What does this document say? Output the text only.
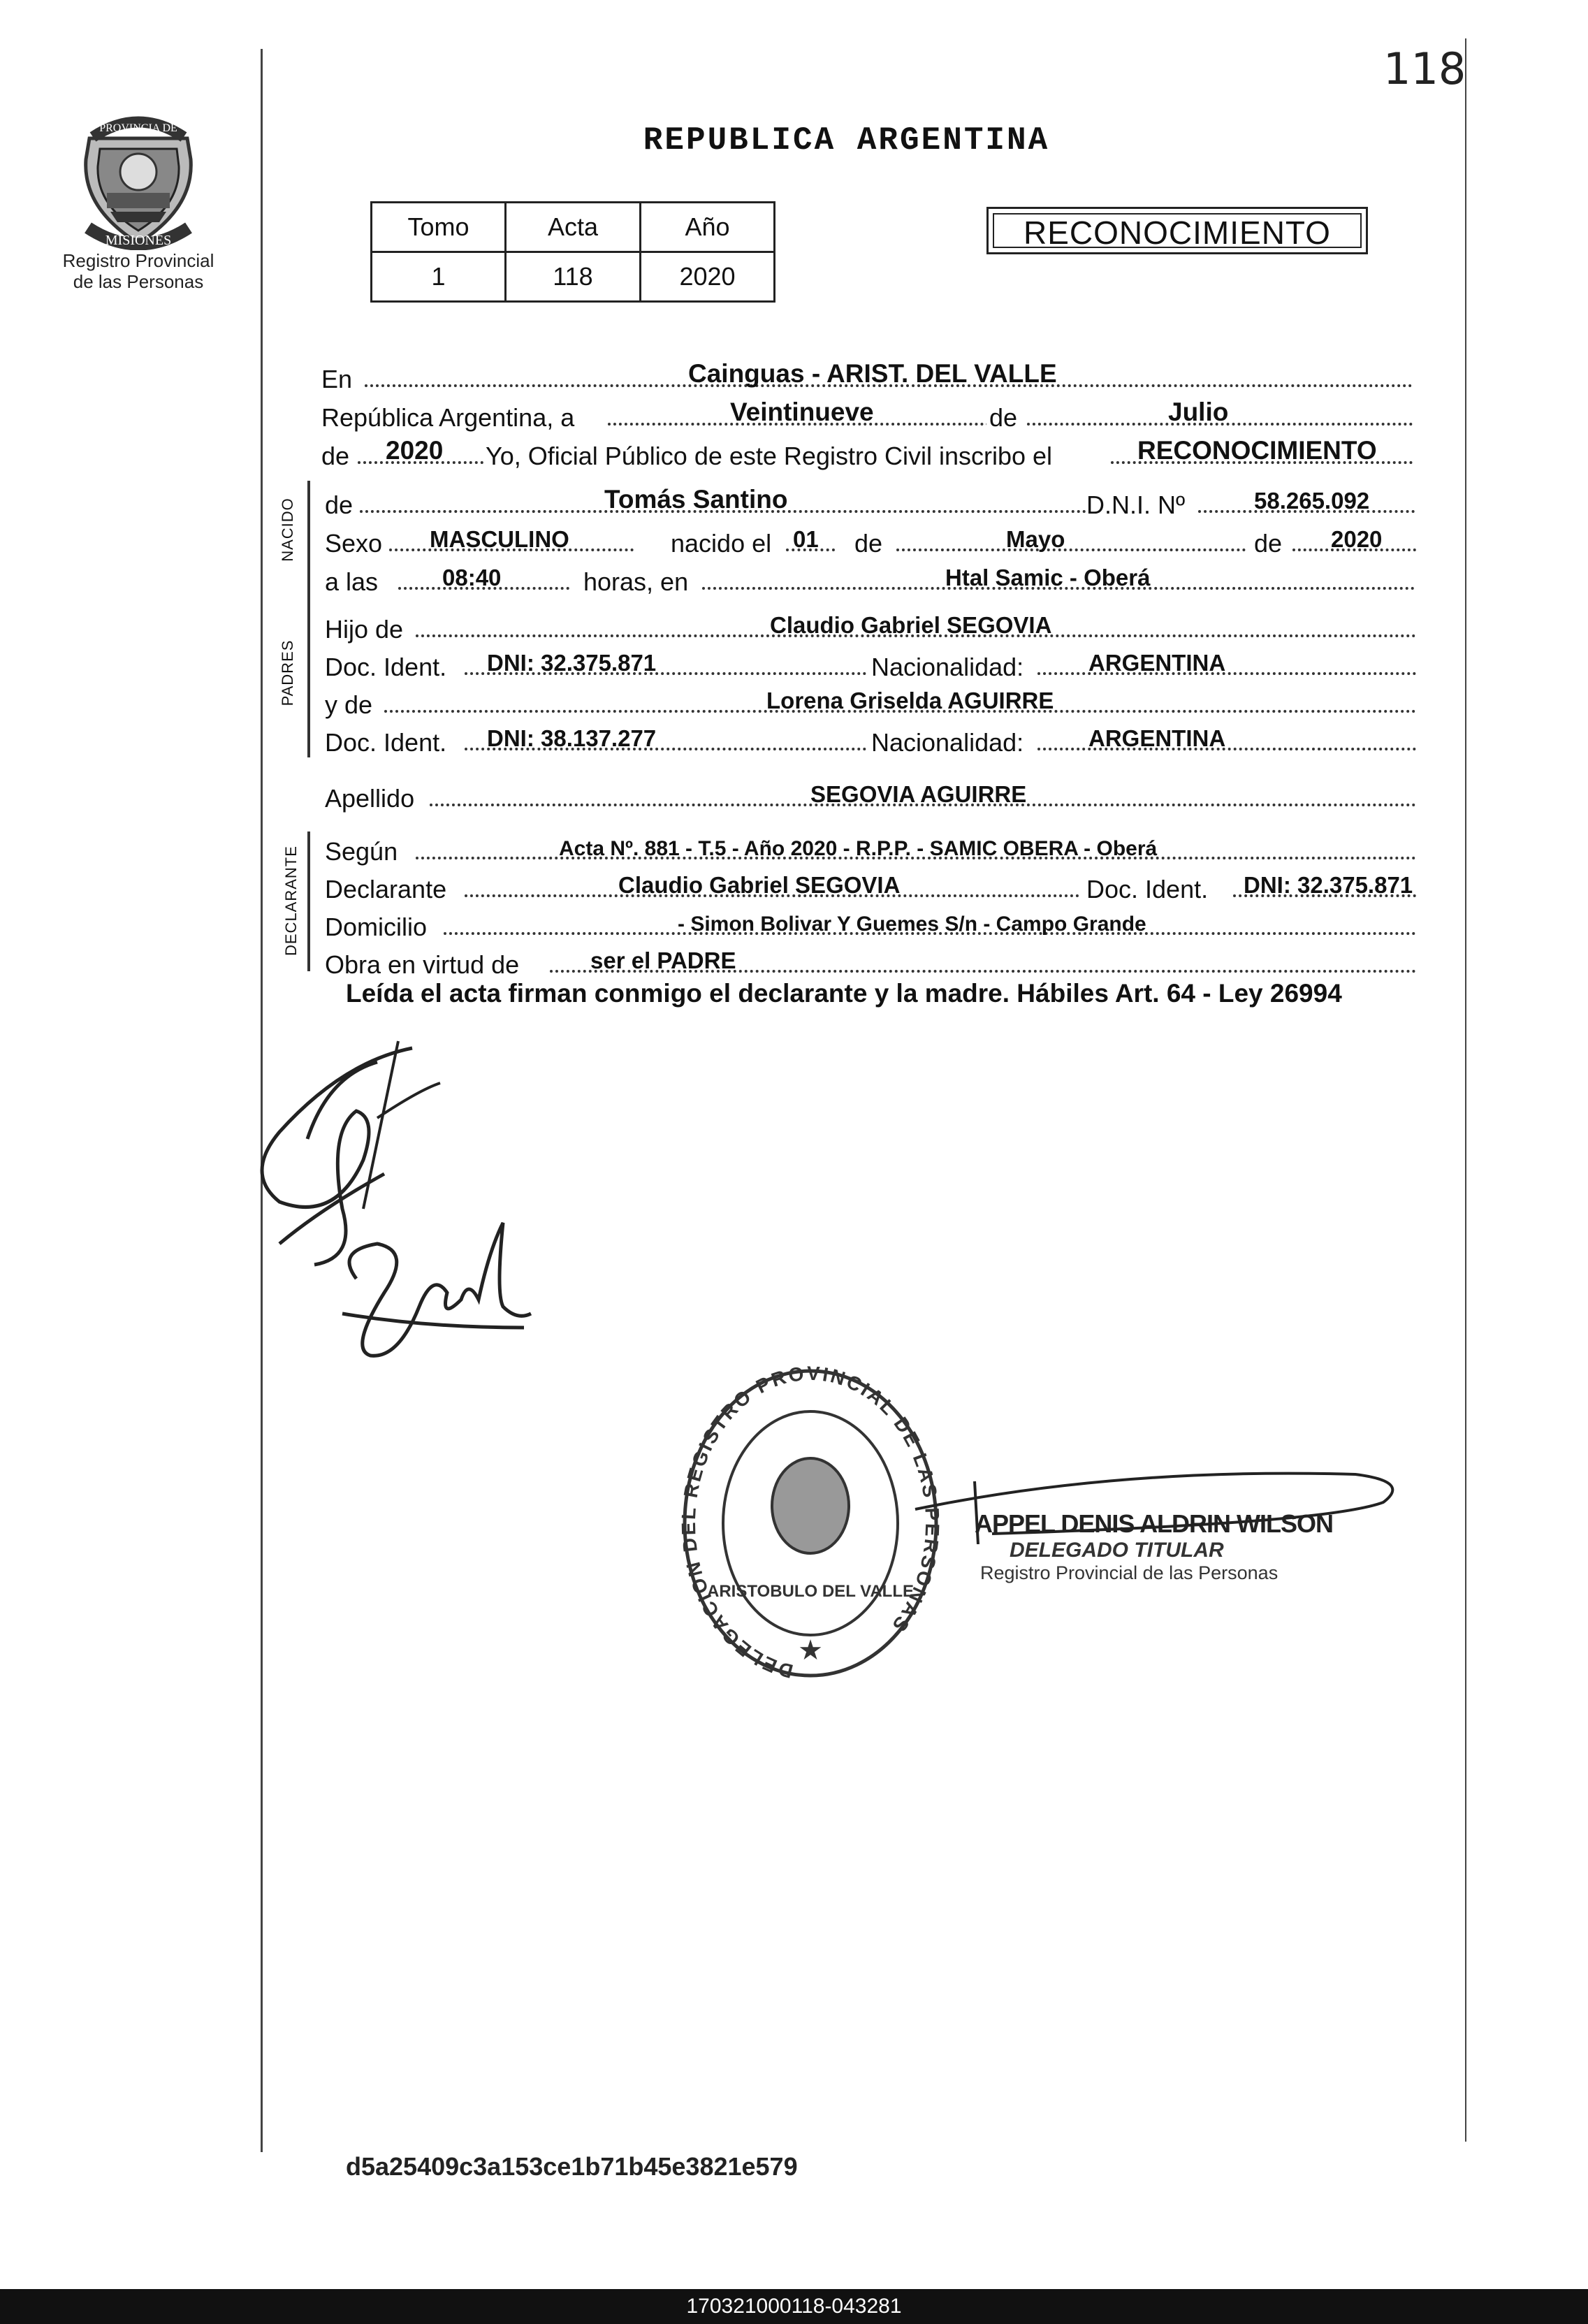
118
PROVINCIA DE
MISIONES
Registro Provincial
de las Personas
REPUBLICA ARGENTINA
Tomo	Acta	Año
1	118	2020
RECONOCIMIENTO
En	Cainguas - ARIST. DEL VALLE
República Argentina, a	Veintinueve	de	Julio
de 2020 Yo, Oficial Público de este Registro Civil inscribo el	RECONOCIMIENTO
NACIDO de	Tomás Santino	D.N.I. Nº	58.265.092
Sexo MASCULINO	nacido el 01 de	Mayo	de 2020
a las	08:40	horas, en	Htal Samic - Oberá
PADRES
Hijo de	Claudio Gabriel SEGOVIA
Doc. Ident. DNI: 32.375.871	Nacionalidad:	ARGENTINA
y de	Lorena Griselda AGUIRRE
Doc. Ident. DNI: 38.137.277	Nacionalidad:	ARGENTINA
Apellido	SEGOVIA AGUIRRE
DECLARANTE Según	Acta Nº. 881 - T.5 - Año 2020 - R.P.P. - SAMIC OBERA - Oberá
Declarante	Claudio Gabriel SEGOVIA	Doc. Ident. DNI: 32.375.871
Domicilio	- Simon Bolivar Y Guemes S/n - Campo Grande
Obra en virtud de	ser el PADRE
Leída el acta firman conmigo el declarante y la madre. Hábiles Art. 64 - Ley 26994
DELEGACION DEL REGISTRO PROVINCIAL DE LAS PERSONAS
ARISTOBULO DEL VALLE
★
APPEL DENIS ALDRIN WILSON
DELEGADO TITULAR
Registro Provincial de las Personas
d5a25409c3a153ce1b71b45e3821e579
170321000118-043281
